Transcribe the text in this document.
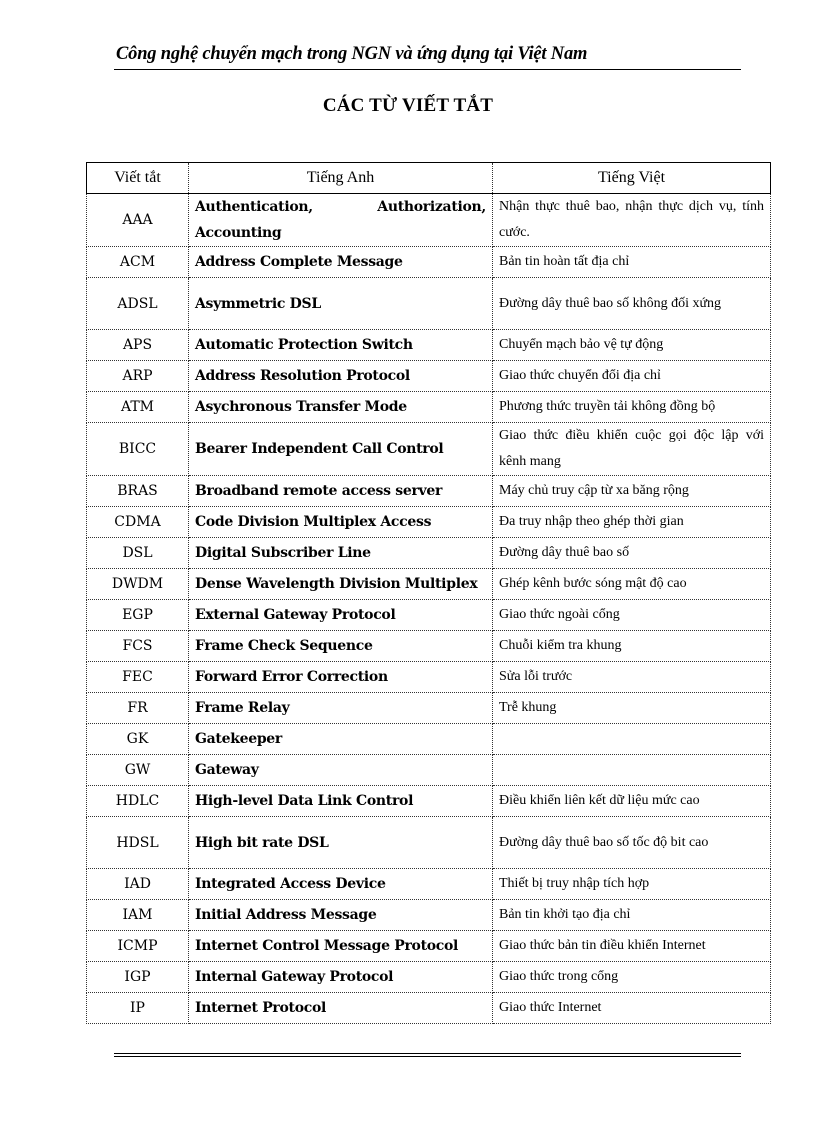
Công nghệ chuyển mạch trong NGN và ứng dụng tại Việt Nam
CÁC TỪ VIẾT TẮT
Viết tắt	Tiếng Anh	Tiếng Việt
AAA	Authentication, Authorization, Accounting	Nhận thực thuê bao, nhận thực dịch vụ, tính cước.
ACM	Address Complete Message	Bản tin hoàn tất địa chỉ
ADSL	Asymmetric DSL	Đường dây thuê bao số không đối xứng
APS	Automatic Protection Switch	Chuyển mạch bảo vệ tự động
ARP	Address Resolution Protocol	Giao thức chuyển đổi địa chỉ
ATM	Asychronous Transfer Mode	Phương thức truyền tải không đồng bộ
BICC	Bearer Independent Call Control	Giao thức điều khiển cuộc gọi độc lập với kênh mang
BRAS	Broadband remote access server	Máy chủ truy cập từ xa băng rộng
CDMA	Code Division Multiplex Access	Đa truy nhập theo ghép thời gian
DSL	Digital Subscriber Line	Đường dây thuê bao số
DWDM	Dense Wavelength Division Multiplex	Ghép kênh bước sóng mật độ cao
EGP	External Gateway Protocol	Giao thức ngoài cổng
FCS	Frame Check Sequence	Chuỗi kiểm tra khung
FEC	Forward Error Correction	Sửa lỗi trước
FR	Frame Relay	Trễ khung
GK	Gatekeeper	
GW	Gateway	
HDLC	High-level Data Link Control	Điều khiển liên kết dữ liệu mức cao
HDSL	High bit rate DSL	Đường dây thuê bao số tốc độ bit cao
IAD	Integrated Access Device	Thiết bị truy nhập tích hợp
IAM	Initial Address Message	Bản tin khởi tạo địa chỉ
ICMP	Internet Control Message Protocol	Giao thức bản tin điều khiển Internet
IGP	Internal Gateway Protocol	Giao thức trong cổng
IP	Internet Protocol	Giao thức Internet
